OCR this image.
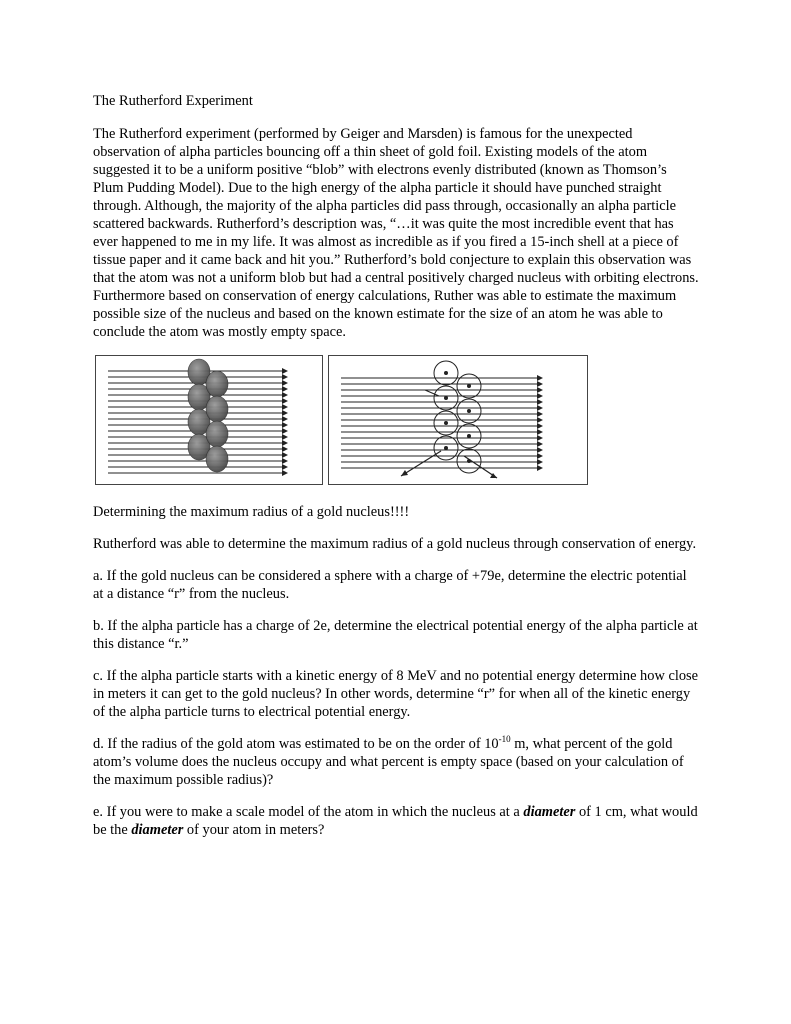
The Rutherford Experiment

The Rutherford experiment (performed by Geiger and Marsden) is famous for the unexpected observation of alpha particles bouncing off a thin sheet of gold foil. Existing models of the atom suggested it to be a uniform positive “blob” with electrons evenly distributed (known as Thomson’s Plum Pudding Model). Due to the high energy of the alpha particle it should have punched straight through. Although, the majority of the alpha particles did pass through, occasionally an alpha particle scattered backwards. Rutherford’s description was, “…it was quite the most incredible event that has ever happened to me in my life. It was almost as incredible as if you fired a 15-inch shell at a piece of tissue paper and it came back and hit you.” Rutherford’s bold conjecture to explain this observation was that the atom was not a uniform blob but had a central positively charged nucleus with orbiting electrons. Furthermore based on conservation of energy calculations, Ruther was able to estimate the maximum possible size of the nucleus and based on the known estimate for the size of an atom he was able to conclude the atom was mostly empty space.

Determining the maximum radius of a gold nucleus!!!!

Rutherford was able to determine the maximum radius of a gold nucleus through conservation of energy.

a. If the gold nucleus can be considered a sphere with a charge of +79e, determine the electric potential at a distance “r” from the nucleus.

b. If the alpha particle has a charge of 2e, determine the electrical potential energy of the alpha particle at this distance “r.”

c. If the alpha particle starts with a kinetic energy of 8 MeV and no potential energy determine how close in meters it can get to the gold nucleus? In other words, determine “r” for when all of the kinetic energy of the alpha particle turns to electrical potential energy.

d. If the radius of the gold atom was estimated to be on the order of $10^{-10}$ m, what percent of the gold atom’s volume does the nucleus occupy and what percent is empty space (based on your calculation of the maximum possible radius)?

e. If you were to make a scale model of the atom in which the nucleus at a diameter of 1 cm, what would be the diameter of your atom in meters?
